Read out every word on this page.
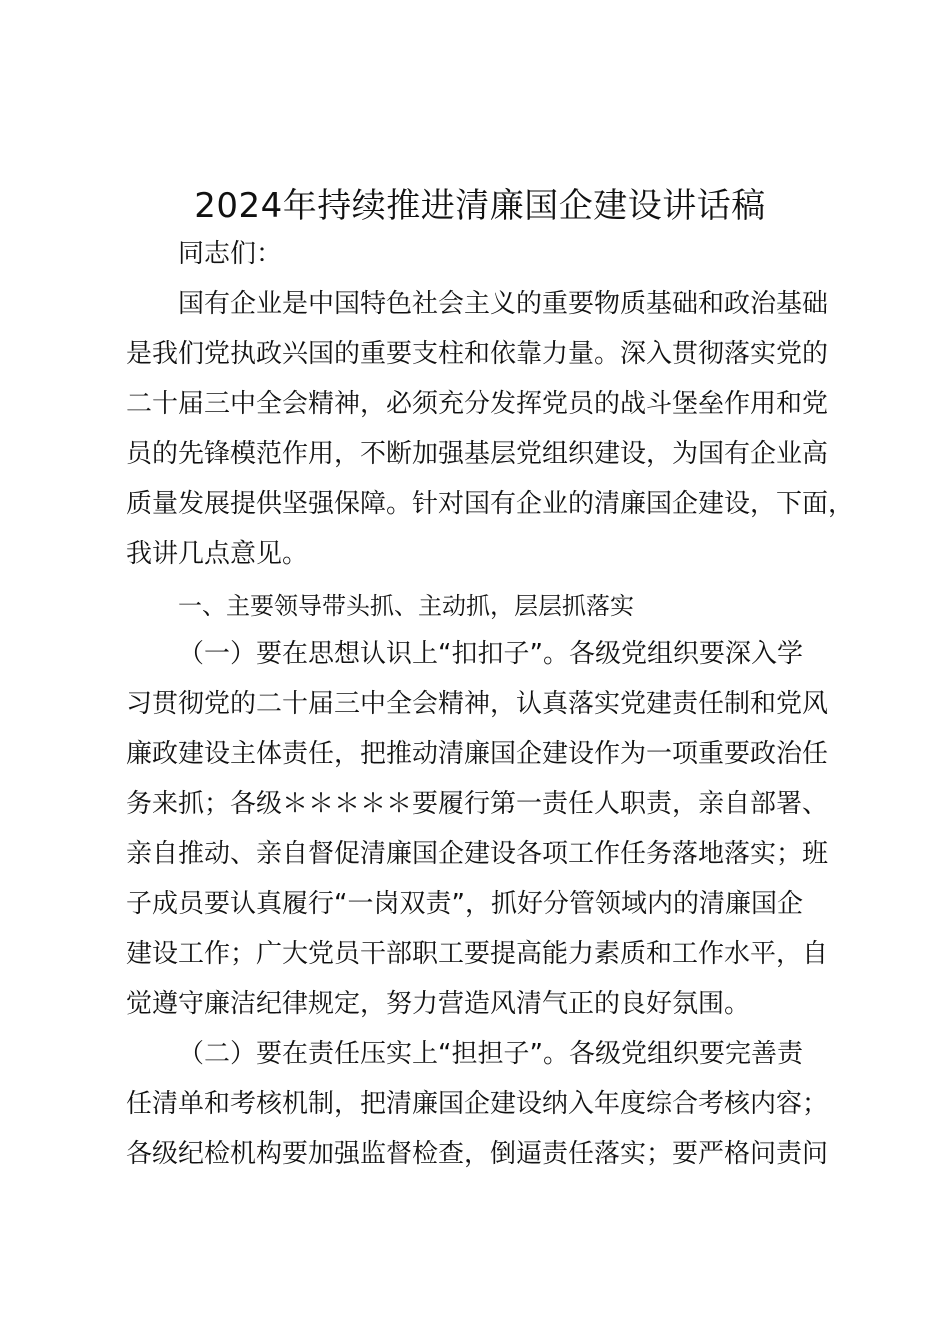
2024年持续推进清廉国企建设讲话稿
同志们：
国有企业是中国特色社会主义的重要物质基础和政治基础
是我们党执政兴国的重要支柱和依靠力量。深入贯彻落实党的
二十届三中全会精神，必须充分发挥党员的战斗堡垒作用和党
员的先锋模范作用，不断加强基层党组织建设，为国有企业高
质量发展提供坚强保障。针对国有企业的清廉国企建设，下面，
我讲几点意见。
一、主要领导带头抓、主动抓，层层抓落实
（一）要在思想认识上“扣扣子”。各级党组织要深入学
习贯彻党的二十届三中全会精神，认真落实党建责任制和党风
廉政建设主体责任，把推动清廉国企建设作为一项重要政治任
务来抓；各级＊＊＊＊＊要履行第一责任人职责，亲自部署、
亲自推动、亲自督促清廉国企建设各项工作任务落地落实；班
子成员要认真履行“一岗双责”，抓好分管领域内的清廉国企
建设工作；广大党员干部职工要提高能力素质和工作水平，自
觉遵守廉洁纪律规定，努力营造风清气正的良好氛围。
（二）要在责任压实上“担担子”。各级党组织要完善责
任清单和考核机制，把清廉国企建设纳入年度综合考核内容；
各级纪检机构要加强监督检查，倒逼责任落实；要严格问责问
